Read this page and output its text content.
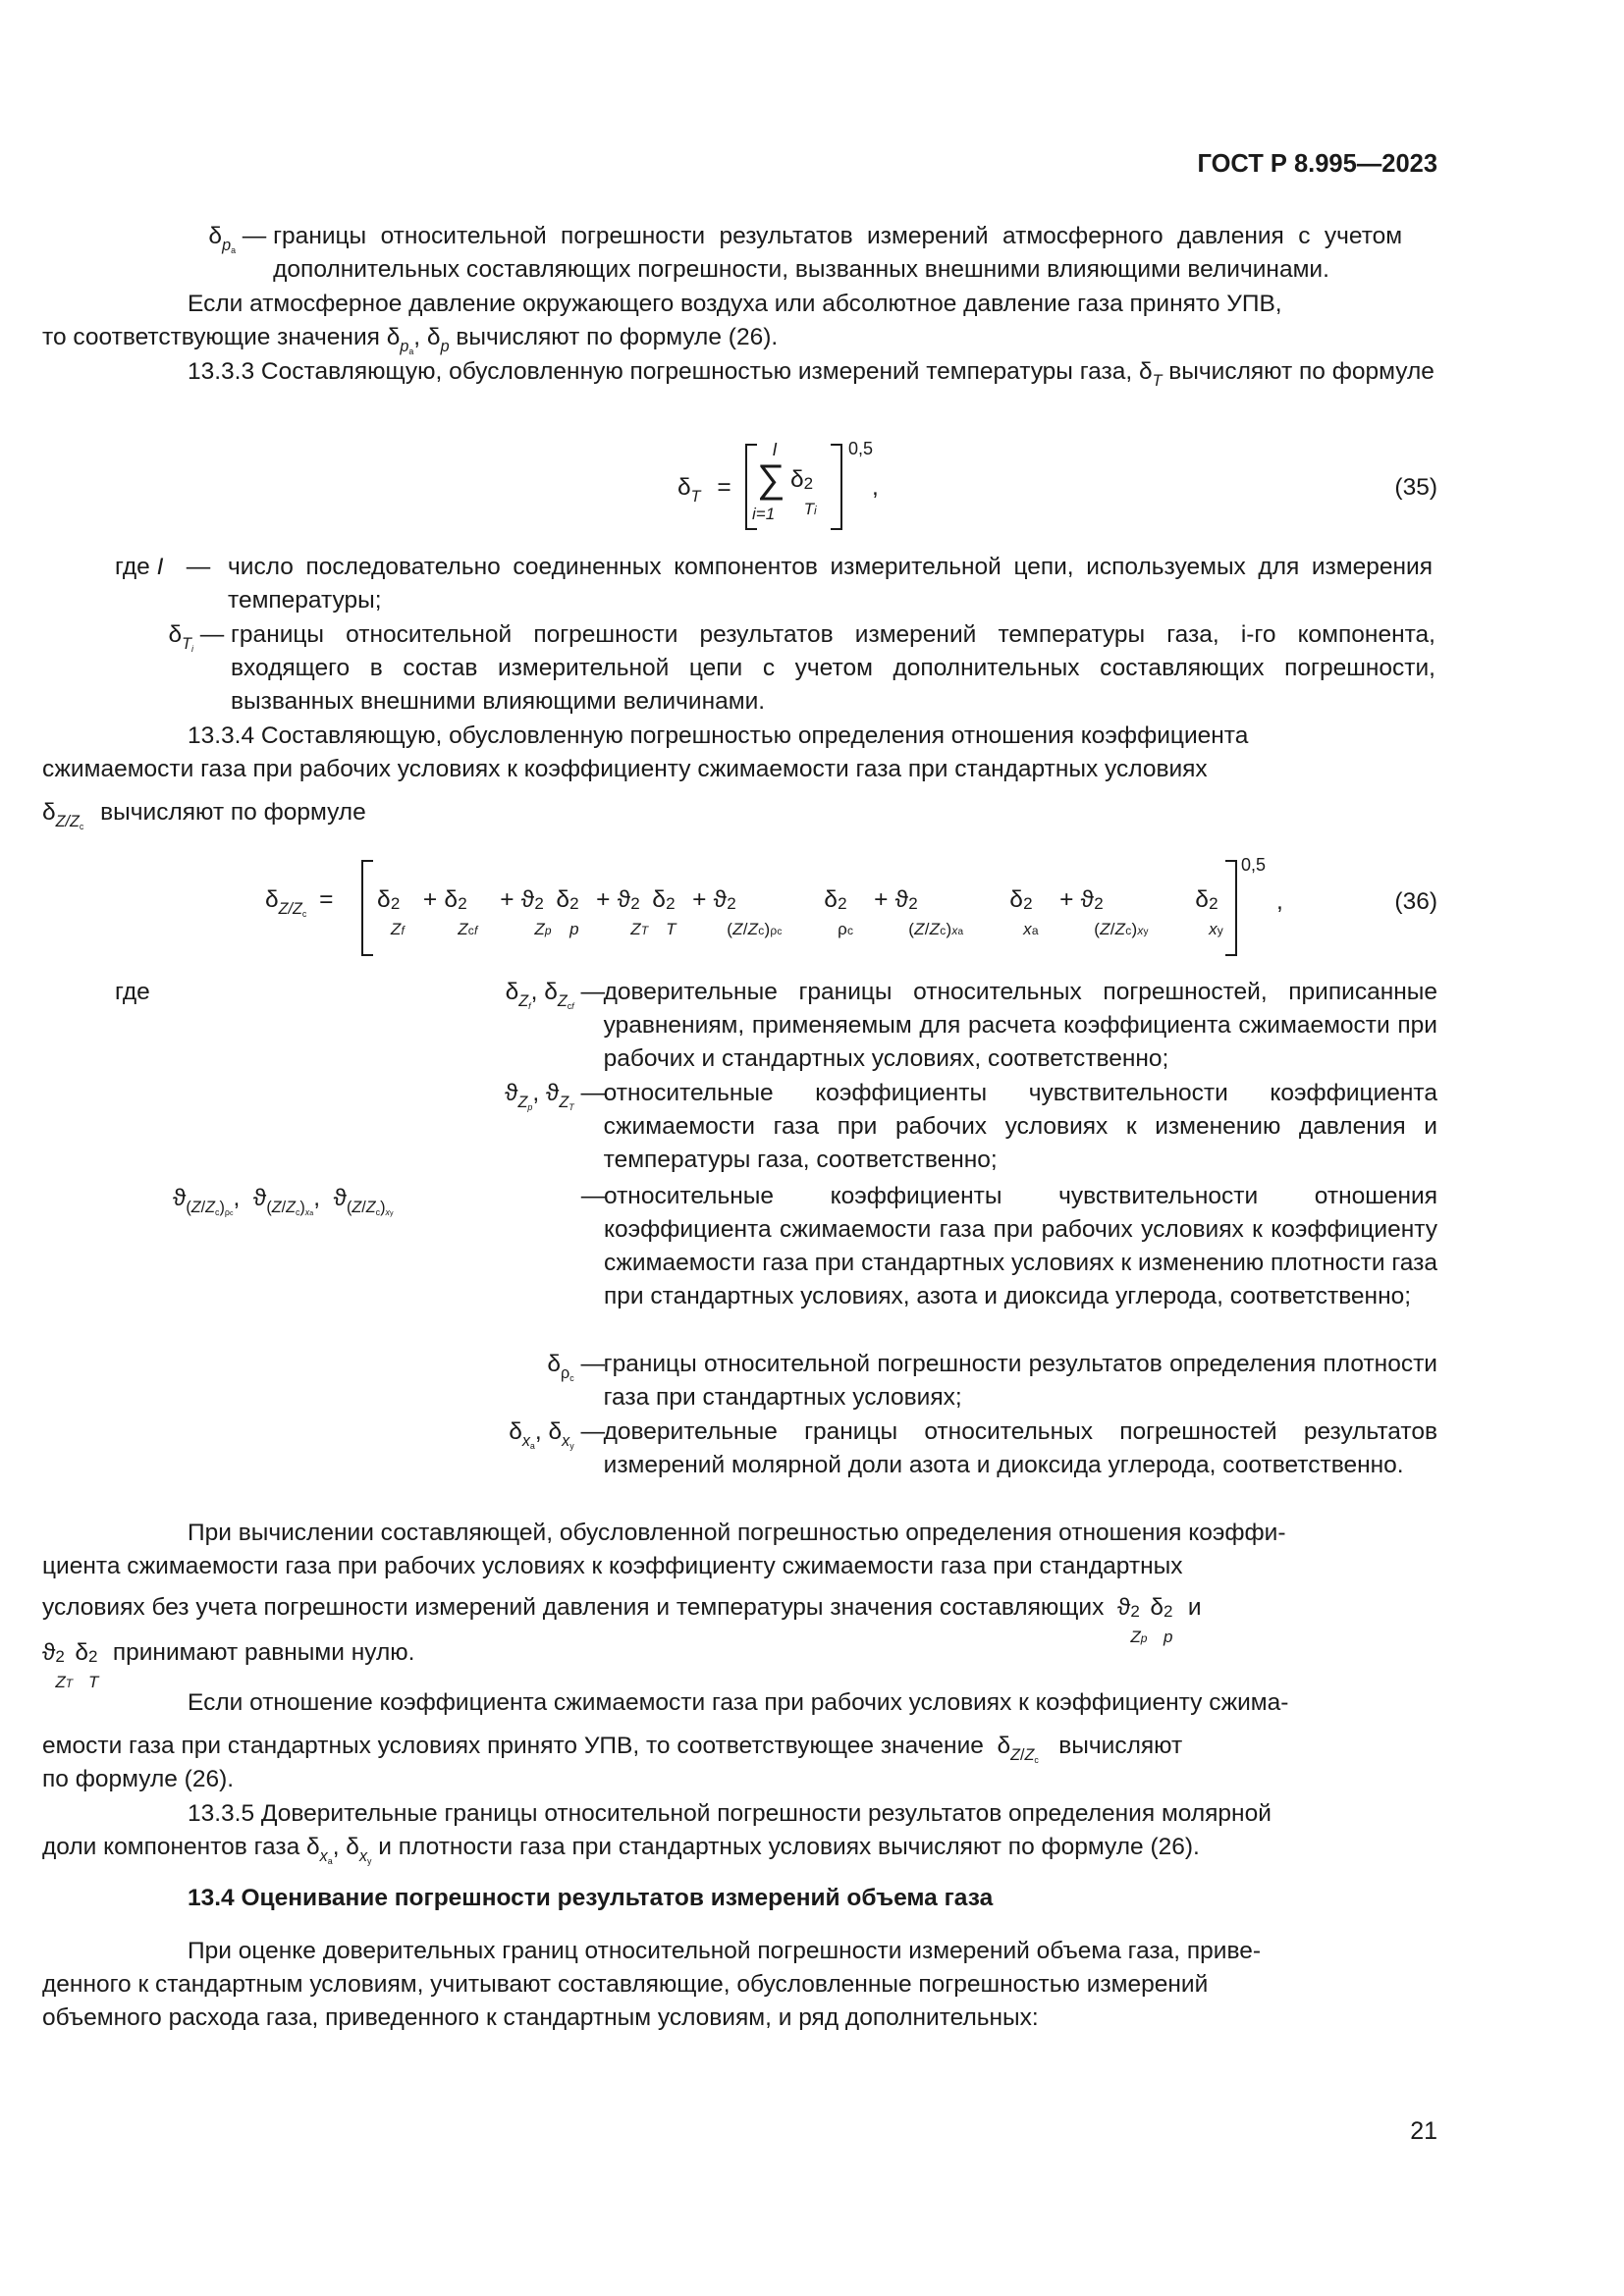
ГОСТ Р 8.995—2023
$\delta_{pa}$
— границы относительной погрешности результатов измерений атмосферного давления с учетом дополнительных составляющих погрешности, вызванных внешними влияющими величинами.
Если атмосферное давление окружающего воздуха или абсолютное давление газа принято УПВ,
то соответствующие значения $\delta_{pa}$, $\delta_p$ вычисляют по формуле (26).
13.3.3 Составляющую, обусловленную погрешностью измерений температуры газа, $\delta_T$ вычисляют по формуле
$\delta_T$ =
I
∑
i=1
δ 2
Ti
0,5
,	(35)
где I — число последовательно соединенных компонентов измерительной цепи, используемых для измерения температуры;
$\delta_{Ti}$
— границы относительной погрешности результатов измерений температуры газа, i-го компонента, входящего в состав измерительной цепи с учетом дополнительных составляющих погрешности, вызванных внешними влияющими величинами.
13.3.4 Составляющую, обусловленную погрешностью определения отношения коэффициента
сжимаемости газа при рабочих условиях к коэффициенту сжимаемости газа при стандартных условиях
$\delta_{Z/Zc}$ вычисляют по формуле
$\delta_{Z/Zc} = \delta$ 2
Zf
+ δ 2
Zcf
+ ϑ 2
Zp
δ 2
p
+ ϑ 2
ZT
δ 2
T
+ ϑ 2
(Z/Zc)ρc
δ 2
ρc
+ ϑ 2
(Z/Zc)xa
δ 2
xa
+ ϑ 2
(Z/Zc)xy
δ 2
xy
0,5
,	(36)
где	$\delta_{Zf}$, $\delta_{Zcf}$
—
доверительные границы относительных погрешностей, приписанные уравнениям, применяемым для расчета коэффициента сжимаемости при рабочих и стандартных условиях, соответственно;
$ϑ_{Zp}$, $ϑ_{ZT}$
—
относительные коэффициенты чувствительности коэффициента сжимаемости газа при рабочих условиях к изменению давления и температуры газа, соответственно;
$ϑ_{(Z/Zc)\rho c}$,  $ϑ_{(Z/Zc)xa}$,  $ϑ_{(Z/Zc)xy}$
—
относительные коэффициенты чувствительности отношения коэффициента сжимаемости газа при рабочих условиях к коэффициенту сжимаемости газа при стандартных условиях к изменению плотности газа при стандартных условиях, азота и диоксида углерода, соответственно;
$\delta_{\rho c}$
—
границы относительной погрешности результатов определения плотности газа при стандартных условиях;
$\delta_{xa}$, $\delta_{xy}$
—
доверительные границы относительных погрешностей результатов измерений молярной доли азота и диоксида углерода, соответственно.
При вычислении составляющей, обусловленной погрешностью определения отношения коэффи-
циента сжимаемости газа при рабочих условиях к коэффициенту сжимаемости газа при стандартных
условиях без учета погрешности измерений давления и температуры значения составляющих  ϑ 2
Zp
δ 2
p
и
ϑ 2
ZT
δ 2
T
принимают равными нулю.
Если отношение коэффициента сжимаемости газа при рабочих условиях к коэффициенту сжима-
емости газа при стандартных условиях принято УПВ, то соответствующее значение  $\delta_{Z/Zc}$   вычисляют
по формуле (26).
13.3.5 Доверительные границы относительной погрешности результатов определения молярной
доли компонентов газа $\delta_{xa}$, $\delta_{xy}$ и плотности газа при стандартных условиях вычисляют по формуле (26).
13.4 Оценивание погрешности результатов измерений объема газа
При оценке доверительных границ относительной погрешности измерений объема газа, приве-
денного к стандартным условиям, учитывают составляющие, обусловленные погрешностью измерений
объемного расхода газа, приведенного к стандартным условиям, и ряд дополнительных:
21
